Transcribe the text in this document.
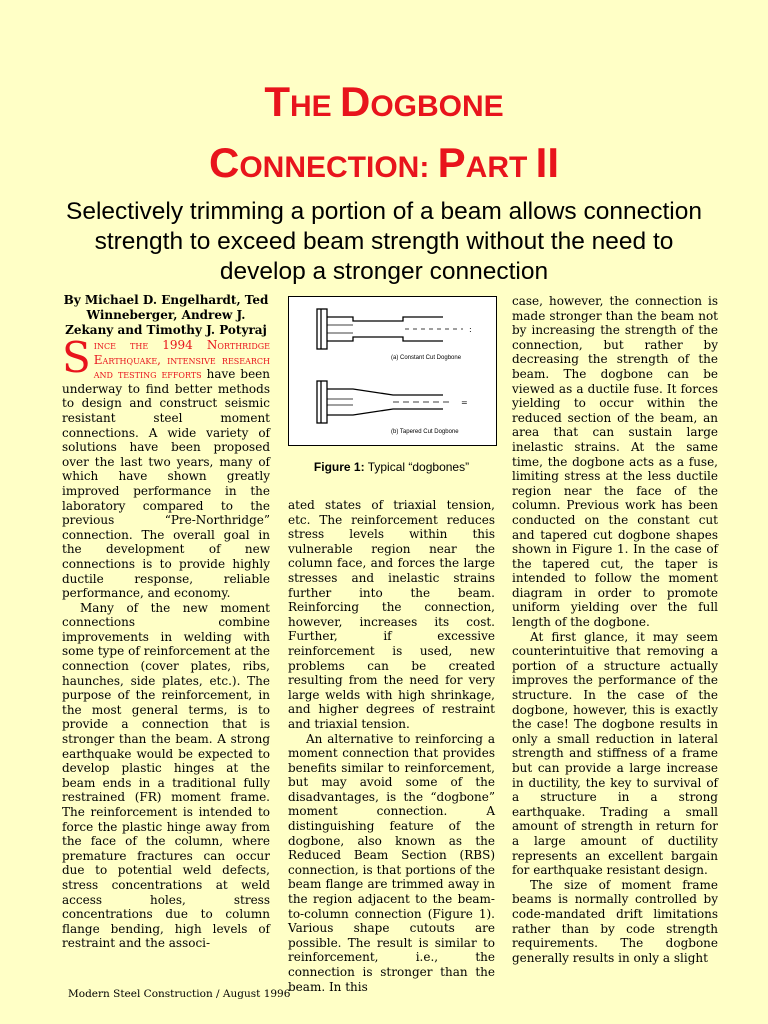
THE DOGBONE
CONNECTION: PART II

Selectively trimming a portion of a beam allows connection strength to exceed beam strength without the need to develop a stronger connection

By Michael D. Engelhardt, Ted Winneberger, Andrew J. Zekany and Timothy J. Potyraj

Since the 1994 Northridge Earthquake, intensive research and testing efforts have been underway to find better methods to design and construct seismic resistant steel moment connections. A wide variety of solutions have been proposed over the last two years, many of which have shown greatly improved performance in the laboratory compared to the previous “Pre-Northridge” connection. The overall goal in the development of new connections is to provide highly ductile response, reliable performance, and economy.

Many of the new moment connections combine improvements in welding with some type of reinforcement at the connection (cover plates, ribs, haunches, side plates, etc.). The purpose of the reinforcement, in the most general terms, is to provide a connection that is stronger than the beam. A strong earthquake would be expected to develop plastic hinges at the beam ends in a traditional fully restrained (FR) moment frame. The reinforcement is intended to force the plastic hinge away from the face of the column, where premature fractures can occur due to potential weld defects, stress concentrations at weld access holes, stress concentrations due to column flange bending, high levels of restraint and the associ-

:
(a) Constant Cut Dogbone
=
(b) Tapered Cut Dogbone
Figure 1: Typical “dogbones”

ated states of triaxial tension, etc. The reinforcement reduces stress levels within this vulnerable region near the column face, and forces the large stresses and inelastic strains further into the beam. Reinforcing the connection, however, increases its cost. Further, if excessive reinforcement is used, new problems can be created resulting from the need for very large welds with high shrinkage, and higher degrees of restraint and triaxial tension.

An alternative to reinforcing a moment connection that provides benefits similar to reinforcement, but may avoid some of the disadvantages, is the “dogbone” moment connection. A distinguishing feature of the dogbone, also known as the Reduced Beam Section (RBS) connection, is that portions of the beam flange are trimmed away in the region adjacent to the beam-to-column connection (Figure 1). Various shape cutouts are possible. The result is similar to reinforcement, i.e., the connection is stronger than the beam. In this

case, however, the connection is made stronger than the beam not by increasing the strength of the connection, but rather by decreasing the strength of the beam. The dogbone can be viewed as a ductile fuse. It forces yielding to occur within the reduced section of the beam, an area that can sustain large inelastic strains. At the same time, the dogbone acts as a fuse, limiting stress at the less ductile region near the face of the column. Previous work has been conducted on the constant cut and tapered cut dogbone shapes shown in Figure 1. In the case of the tapered cut, the taper is intended to follow the moment diagram in order to promote uniform yielding over the full length of the dogbone.

At first glance, it may seem counterintuitive that removing a portion of a structure actually improves the performance of the structure. In the case of the dogbone, however, this is exactly the case! The dogbone results in only a small reduction in lateral strength and stiffness of a frame but can provide a large increase in ductility, the key to survival of a structure in a strong earthquake. Trading a small amount of strength in return for a large amount of ductility represents an excellent bargain for earthquake resistant design.

The size of moment frame beams is normally controlled by code-mandated drift limitations rather than by code strength requirements. The dogbone generally results in only a slight

Modern Steel Construction / August 1996
